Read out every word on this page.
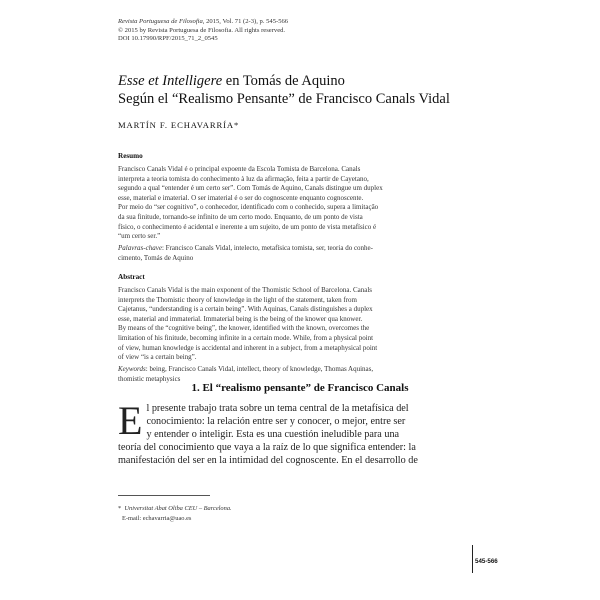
Revista Portuguesa de Filosofia, 2015, Vol. 71 (2-3), p. 545-566
© 2015 by Revista Portuguesa de Filosofia. All rights reserved.
DOI 10.17990/RPF/2015_71_2_0545
Esse et Intelligere en Tomás de Aquino
Según el “Realismo Pensante” de Francisco Canals Vidal
MARTÍN F. ECHAVARRÍA*
Resumo
Francisco Canals Vidal é o principal expoente da Escola Tomista de Barcelona. Canals
interpreta a teoria tomista do conhecimento à luz da afirmação, feita a partir de Cayetano,
segundo a qual “entender é um certo ser”. Com Tomás de Aquino, Canals distingue um duplex
esse, material e imaterial. O ser imaterial é o ser do cognoscente enquanto cognoscente.
Por meio do “ser cognitivo”, o conhecedor, identificado com o conhecido, supera a limitação
da sua finitude, tornando-se infinito de um certo modo. Enquanto, de um ponto de vista
físico, o conhecimento é acidental e inerente a um sujeito, de um ponto de vista metafísico é
“um certo ser.”
Palavras-chave: Francisco Canals Vidal, intelecto, metafísica tomista, ser, teoria do conhe-
cimento, Tomás de Aquino
Abstract
Francisco Canals Vidal is the main exponent of the Thomistic School of Barcelona. Canals
interprets the Thomistic theory of knowledge in the light of the statement, taken from
Cajetanus, “understanding is a certain being”. With Aquinas, Canals distinguishes a duplex
esse, material and immaterial. Immaterial being is the being of the knower qua knower.
By means of the “cognitive being”, the knower, identified with the known, overcomes the
limitation of his finitude, becoming infinite in a certain mode. While, from a physical point
of view, human knowledge is accidental and inherent in a subject, from a metaphysical point
of view “is a certain being”.
Keywords: being, Francisco Canals Vidal, intellect, theory of knowledge, Thomas Aquinas,
thomistic metaphysics
1. El “realismo pensante” de Francisco Canals
E l presente trabajo trata sobre un tema central de la metafísica del
conocimiento: la relación entre ser y conocer, o mejor, entre ser
y entender o inteligir. Esta es una cuestión ineludible para una
teoría del conocimiento que vaya a la raíz de lo que significa entender: la
manifestación del ser en la intimidad del cognoscente. En el desarrollo de
* Universitat Abat Oliba CEU – Barcelona.
E-mail: echavarria@uao.es
545-566
